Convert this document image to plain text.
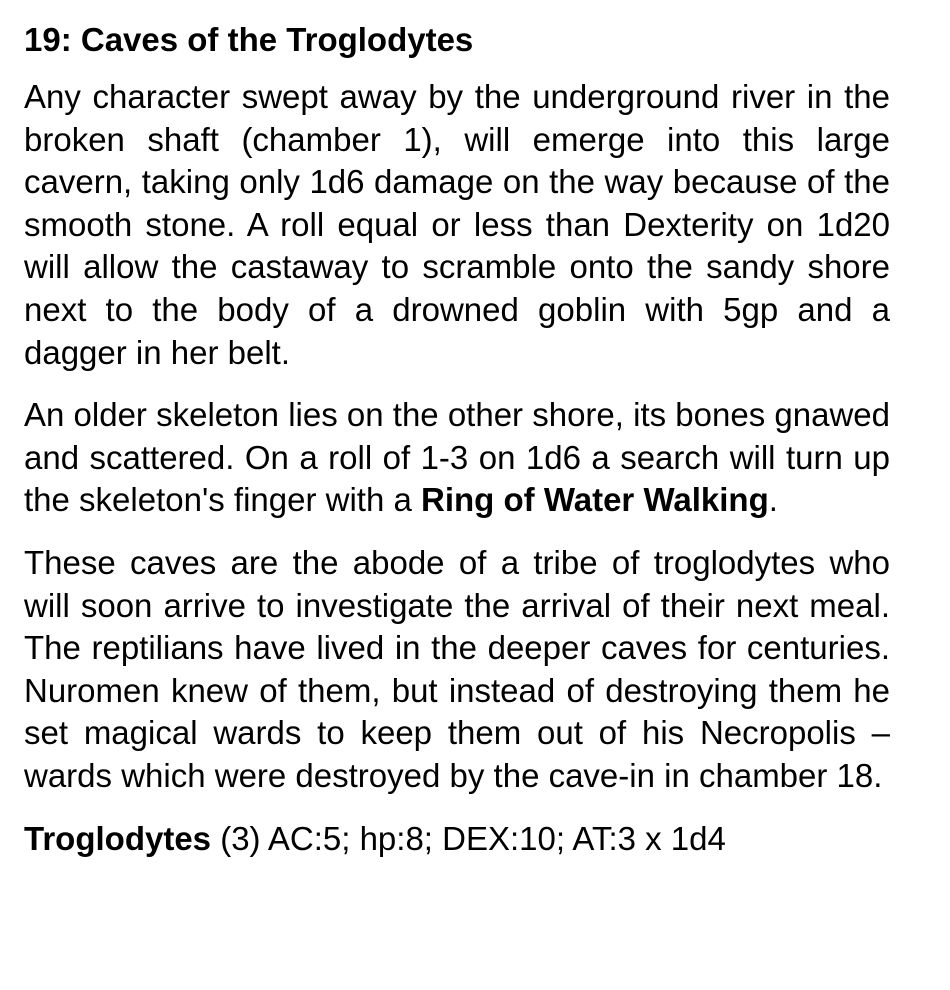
19: Caves of the Troglodytes

Any character swept away by the underground river in the broken shaft (chamber 1), will emerge into this large cavern, taking only 1d6 damage on the way because of the smooth stone. A roll equal or less than Dexterity on 1d20 will allow the castaway to scramble onto the sandy shore next to the body of a drowned goblin with 5gp and a dagger in her belt.

An older skeleton lies on the other shore, its bones gnawed and scattered. On a roll of 1-3 on 1d6 a search will turn up the skeleton's finger with a Ring of Water Walking.

These caves are the abode of a tribe of troglodytes who will soon arrive to investigate the arrival of their next meal. The reptilians have lived in the deeper caves for centuries. Nuromen knew of them, but instead of destroying them he set magical wards to keep them out of his Necropolis – wards which were destroyed by the cave-in in chamber 18.

Troglodytes (3) AC:5; hp:8; DEX:10; AT:3 x 1d4
